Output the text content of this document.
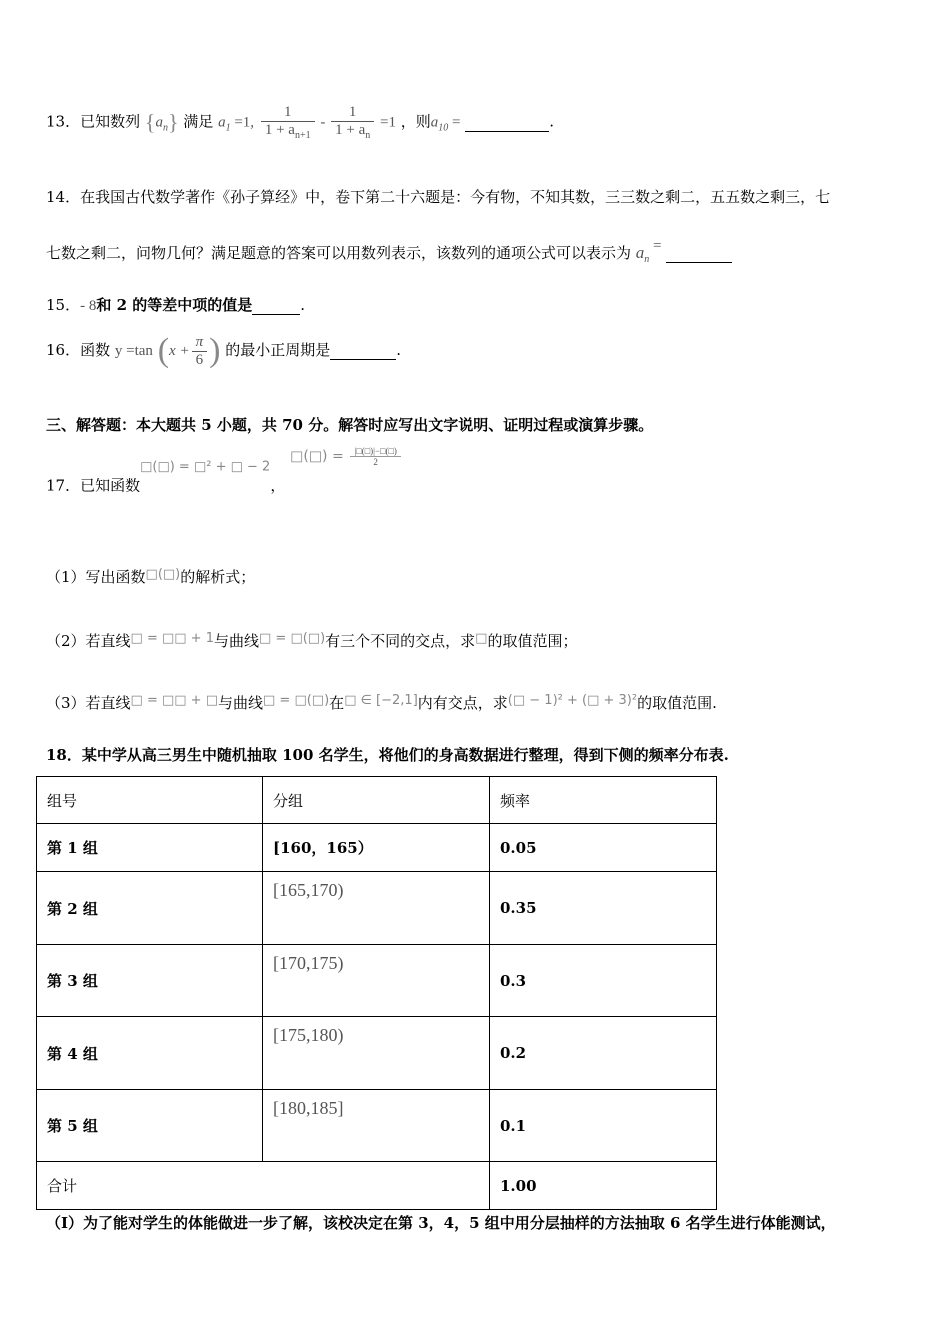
13．已知数列 $\{a_n\}$ 满足 $a_1 =1$, $\frac{1}{1 + a_{n+1}} - \frac{1}{1 + a_n} =1$ ，则$a_{10}$ =	.
14．在我国古代数学著作《孙子算经》中，卷下第二十六题是：今有物，不知其数，三三数之剩二，五五数之剩三，七
七数之剩二，问物几何？满足题意的答案可以用数列表示，该数列的通项公式可以表示为 $a_n$ =
15．- 8和 2 的等差中项的值是	.
16．函数 y =tan ($x + \frac{\pi}{6}$ ) 的最小正周期是	.
三、解答题：本大题共 5 小题，共 70 分。解答时应写出文字说明、证明过程或演算步骤。
17．已知函数□(□) = □² + □ − 2， □(□) = $\frac{|□(□)|-□(□)}{2}$
（1）写出函数□(□)的解析式；
（2）若直线□ = □□ + 1与曲线□ = □(□)有三个不同的交点，求□的取值范围；
（3）若直线□ = □□ + □与曲线□ = □(□)在□ ∈ [−2,1]内有交点，求(□ − 1)² + (□ + 3)²的取值范围.
18．某中学从高三男生中随机抽取 100 名学生，将他们的身高数据进行整理，得到下侧的频率分布表.
组号	分组	频率
第 1 组	[160，165）	0.05
第 2 组	[165,170)	0.35
第 3 组	[170,175)	0.3
第 4 组	[175,180)	0.2
第 5 组	[180,185]	0.1
合计		1.00
（Ⅰ）为了能对学生的体能做进一步了解，该校决定在第 3，4，5 组中用分层抽样的方法抽取 6 名学生进行体能测试，
